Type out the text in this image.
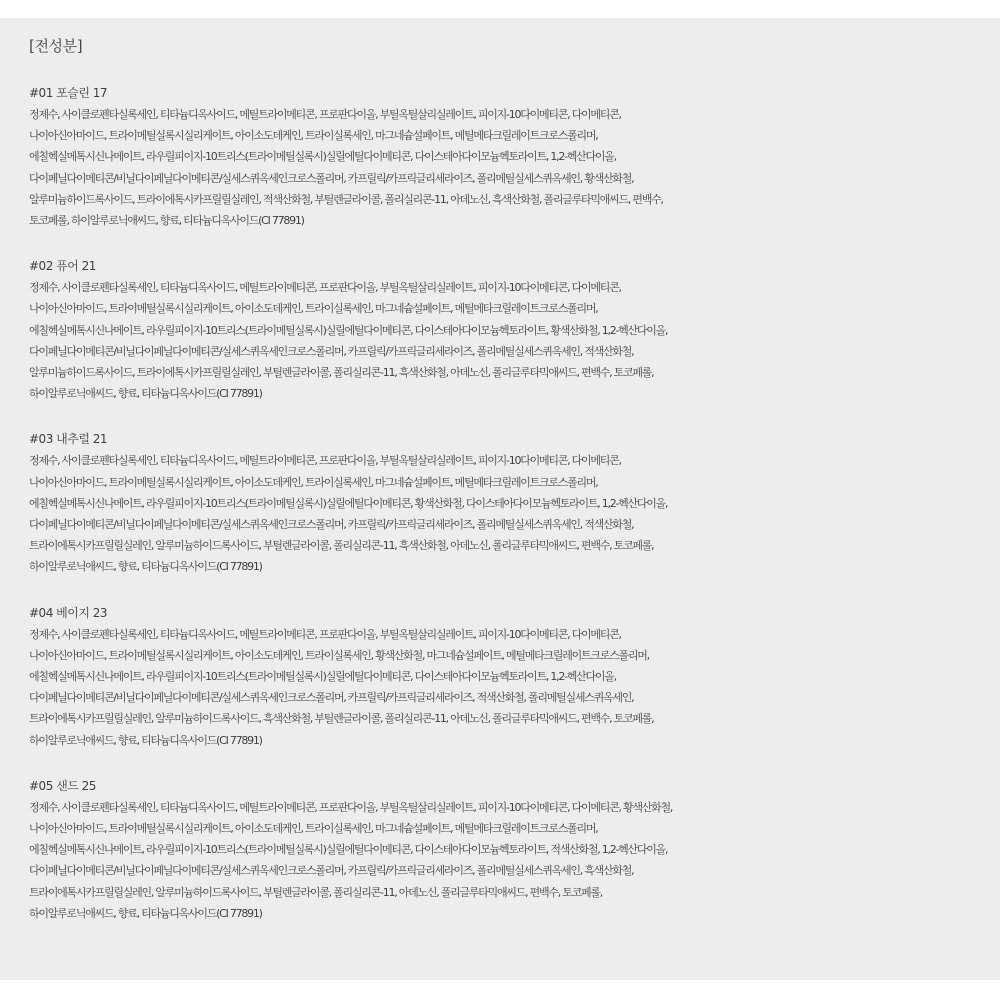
[전성분]
#01 포슬린 17
정제수, 사이클로펜타실록세인, 티타늄디옥사이드, 메틸트라이메티콘, 프로판다이올, 부틸옥틸살리실레이트, 피이지-10다이메티콘, 다이메티콘,
나이아신아마이드, 트라이메틸실록시실리케이트, 아이소도데케인, 트라이실록세인, 마그네슘설페이트, 메틸메타크릴레이트크로스폴리머,
에칠헥실메톡시신나메이트, 라우릴피이지-10트리스(트라이메틸실록시)실릴에틸다이메티콘, 다이스테아다이모늄헥토라이트, 1,2-헥산다이올,
다이페닐다이메티콘/비닐다이페닐다이메티콘/실세스퀴옥세인크로스폴리머, 카프릴릭/카프릭글리세라이즈, 폴리메틸실세스퀴옥세인, 황색산화철,
알루미늄하이드록사이드, 트라이에톡시카프릴릴실레인, 적색산화철, 부틸렌글라이콜, 폴리실리콘-11, 아데노신, 흑색산화철, 폴리글루타믹애씨드, 편백수,
토코페롤, 하이알루로닉애씨드, 향료, 티타늄디옥사이드(CI 77891)
#02 퓨어 21
정제수, 사이클로펜타실록세인, 티타늄디옥사이드, 메틸트라이메티콘, 프로판다이올, 부틸옥틸살리실레이트, 피이지-10다이메티콘, 다이메티콘,
나이아신아마이드, 트라이메틸실록시실리케이트, 아이소도데케인, 트라이실록세인, 마그네슘설페이트, 메틸메타크릴레이트크로스폴리머,
에칠헥실메톡시신나메이트, 라우릴피이지-10트리스(트라이메틸실록시)실릴에틸다이메티콘, 다이스테아다이모늄헥토라이트, 황색산화철, 1,2-헥산다이올,
다이페닐다이메티콘/비닐다이페닐다이메티콘/실세스퀴옥세인크로스폴리머, 카프릴릭/카프릭글리세라이즈, 폴리메틸실세스퀴옥세인, 적색산화철,
알루미늄하이드록사이드, 트라이에톡시카프릴릴실레인, 부틸렌글라이콜, 폴리실리콘-11, 흑색산화철, 아데노신, 폴리글루타믹애씨드, 편백수, 토코페롤,
하이알루로닉애씨드, 향료, 티타늄디옥사이드(CI 77891)
#03 내추럴 21
정제수, 사이클로펜타실록세인, 티타늄디옥사이드, 메틸트라이메티콘, 프로판다이올, 부틸옥틸살리실레이트, 피이지-10다이메티콘, 다이메티콘,
나이아신아마이드, 트라이메틸실록시실리케이트, 아이소도데케인, 트라이실록세인, 마그네슘설페이트, 메틸메타크릴레이트크로스폴리머,
에칠헥실메톡시신나메이트, 라우릴피이지-10트리스(트라이메틸실록시)실릴에틸다이메티콘, 황색산화철, 다이스테아다이모늄헥토라이트, 1,2-헥산다이올,
다이페닐다이메티콘/비닐다이페닐다이메티콘/실세스퀴옥세인크로스폴리머, 카프릴릭/카프릭글리세라이즈, 폴리메틸실세스퀴옥세인, 적색산화철,
트라이에톡시카프릴릴실레인, 알루미늄하이드록사이드, 부틸렌글라이콜, 폴리실리콘-11, 흑색산화철, 아데노신, 폴리글루타믹애씨드, 편백수, 토코페롤,
하이알루로닉애씨드, 향료, 티타늄디옥사이드(CI 77891)
#04 베이지 23
정제수, 사이클로펜타실록세인, 티타늄디옥사이드, 메틸트라이메티콘, 프로판다이올, 부틸옥틸살리실레이트, 피이지-10다이메티콘, 다이메티콘,
나이아신아마이드, 트라이메틸실록시실리케이트, 아이소도데케인, 트라이실록세인, 황색산화철, 마그네슘설페이트, 메틸메타크릴레이트크로스폴리머,
에칠헥실메톡시신나메이트, 라우릴피이지-10트리스(트라이메틸실록시)실릴에틸다이메티콘, 다이스테아다이모늄헥토라이트, 1,2-헥산다이올,
다이페닐다이메티콘/비닐다이페닐다이메티콘/실세스퀴옥세인크로스폴리머, 카프릴릭/카프릭글리세라이즈, 적색산화철, 폴리메틸실세스퀴옥세인,
트라이에톡시카프릴릴실레인, 알루미늄하이드록사이드, 흑색산화철, 부틸렌글라이콜, 폴리실리콘-11, 아데노신, 폴리글루타믹애씨드, 편백수, 토코페롤,
하이알루로닉애씨드, 향료, 티타늄디옥사이드(CI 77891)
#05 샌드 25
정제수, 사이클로펜타실록세인, 티타늄디옥사이드, 메틸트라이메티콘, 프로판다이올, 부틸옥틸살리실레이트, 피이지-10다이메티콘, 다이메티콘, 황색산화철,
나이아신아마이드, 트라이메틸실록시실리케이트, 아이소도데케인, 트라이실록세인, 마그네슘설페이트, 메틸메타크릴레이트크로스폴리머,
에칠헥실메톡시신나메이트, 라우릴피이지-10트리스(트라이메틸실록시)실릴에틸다이메티콘, 다이스테아다이모늄헥토라이트, 적색산화철, 1,2-헥산다이올,
다이페닐다이메티콘/비닐다이페닐다이메티콘/실세스퀴옥세인크로스폴리머, 카프릴릭/카프릭글리세라이즈, 폴리메틸실세스퀴옥세인, 흑색산화철,
트라이에톡시카프릴릴실레인, 알루미늄하이드록사이드, 부틸렌글라이콜, 폴리실리콘-11, 아데노신, 폴리글루타믹애씨드, 편백수, 토코페롤,
하이알루로닉애씨드, 향료, 티타늄디옥사이드(CI 77891)
